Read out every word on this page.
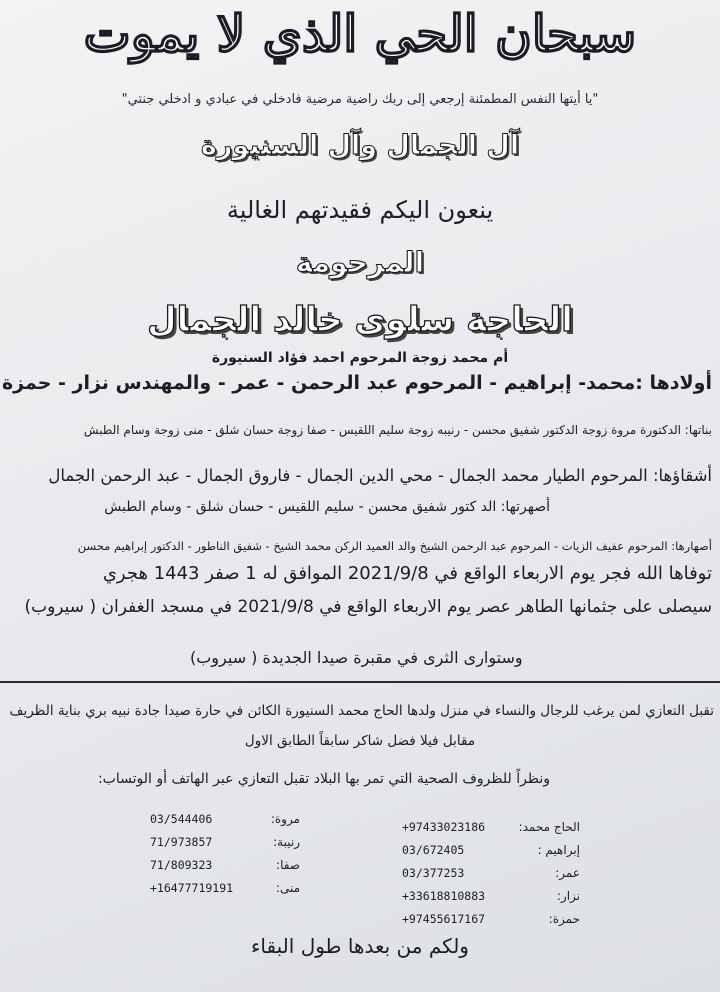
سبحان الحي الذي لا يموت
"يا أيتها النفس المطمئنة إرجعي إلى ربك راضية مرضية فادخلي في عبادي و ادخلي جنتي"
آل الجمال وآل السنيورة
ينعون اليكم فقيدتهم الغالية
المرحومة
الحاجة سلوى خالد الجمال
أم محمد زوجة المرحوم احمد فؤاد السنيورة
أولادها :محمد- إبراهيم - المرحوم عبد الرحمن - عمر - والمهندس نزار - حمزة
بناتها: الدكتورة مروة زوجة الدكتور شفيق محسن - رنيبه زوجة سليم اللقيس - صفا زوجة حسان شلق - منى زوجة وسام الطبش
أشقاؤها: المرحوم الطيار محمد الجمال - محي الدين الجمال - فاروق الجمال - عبد الرحمن الجمال
أصهرتها: الد كتور شفيق محسن - سليم اللقيس - حسان شلق - وسام الطبش
أصهارها: المرحوم عفيف الزيات - المرحوم عبد الرحمن الشيخ والد العميد الركن محمد الشيخ - شفيق الناطور - الدكتور إبراهيم محسن
توفاها الله فجر يوم الاربعاء الواقع في 2021/9/8 الموافق له 1 صفر 1443 هجري
سيصلى على جثمانها الطاهر عصر يوم الاربعاء الواقع في 2021/9/8 في مسجد الغفران ( سيروب)
وستوارى الثرى في مقبرة صيدا الجديدة ( سيروب)
تقبل التعازي لمن يرغب للرجال والنساء في منزل ولدها الحاج محمد السنيورة الكائن في حارة صيدا جادة نبيه بري بناية الظريف
مقابل فيلا فضل شاكر سابقاً الطابق الاول
ونظراً للظروف الصحية التي تمر بها البلاد تقبل التعازي عبر الهاتف أو الوتساب:
03/544406
71/973857
71/809323
+16477719191
مروة:
رنيبة:
صفا:
منى:
+97433023186
03/672405
03/377253
+33618810883
+97455617167
الحاج محمد:
إبراهيم :
عمر:
نزار:
حمزة:
ولكم من بعدها طول البقاء
